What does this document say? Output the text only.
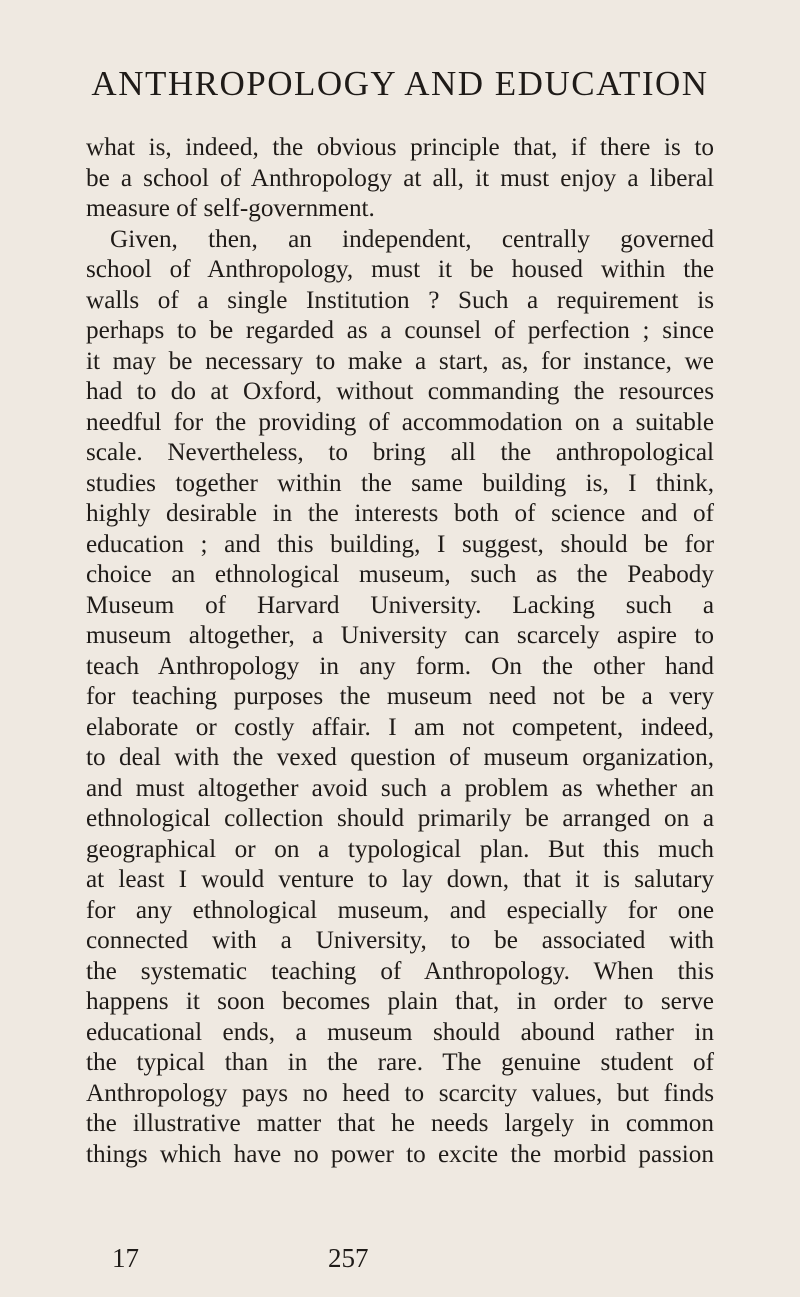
ANTHROPOLOGY AND EDUCATION
what is, indeed, the obvious principle that, if there is to
be a school of Anthropology at all, it must enjoy a liberal
measure of self-government.
Given, then, an independent, centrally governed
school of Anthropology, must it be housed within the
walls of a single Institution ? Such a requirement is
perhaps to be regarded as a counsel of perfection ; since
it may be necessary to make a start, as, for instance, we
had to do at Oxford, without commanding the resources
needful for the providing of accommodation on a suitable
scale. Nevertheless, to bring all the anthropological
studies together within the same building is, I think,
highly desirable in the interests both of science and of
education ; and this building, I suggest, should be for
choice an ethnological museum, such as the Peabody
Museum of Harvard University. Lacking such a
museum altogether, a University can scarcely aspire to
teach Anthropology in any form. On the other hand
for teaching purposes the museum need not be a very
elaborate or costly affair. I am not competent, indeed,
to deal with the vexed question of museum organization,
and must altogether avoid such a problem as whether an
ethnological collection should primarily be arranged on a
geographical or on a typological plan. But this much
at least I would venture to lay down, that it is salutary
for any ethnological museum, and especially for one
connected with a University, to be associated with
the systematic teaching of Anthropology. When this
happens it soon becomes plain that, in order to serve
educational ends, a museum should abound rather in
the typical than in the rare. The genuine student of
Anthropology pays no heed to scarcity values, but finds
the illustrative matter that he needs largely in common
things which have no power to excite the morbid passion
17	257
